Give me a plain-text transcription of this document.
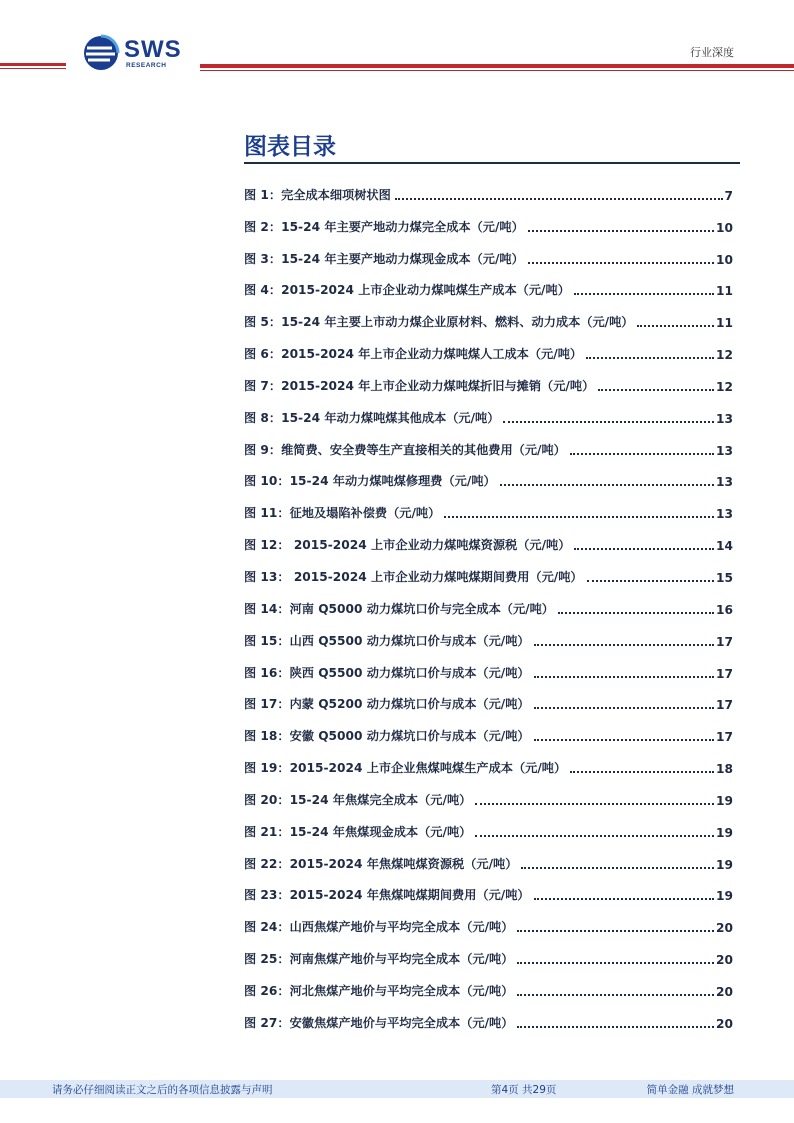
SWS
RESEARCH
行业深度
图表目录
图 1：完全成本细项树状图	7
图 2：15-24 年主要产地动力煤完全成本（元/吨）	10
图 3：15-24 年主要产地动力煤现金成本（元/吨）	10
图 4：2015-2024 上市企业动力煤吨煤生产成本（元/吨）	11
图 5：15-24 年主要上市动力煤企业原材料、燃料、动力成本（元/吨）	11
图 6：2015-2024 年上市企业动力煤吨煤人工成本（元/吨）	12
图 7：2015-2024 年上市企业动力煤吨煤折旧与摊销（元/吨）	12
图 8：15-24 年动力煤吨煤其他成本（元/吨）	13
图 9：维简费、安全费等生产直接相关的其他费用（元/吨）	13
图 10：15-24 年动力煤吨煤修理费（元/吨）	13
图 11：征地及塌陷补偿费（元/吨）	13
图 12： 2015-2024 上市企业动力煤吨煤资源税（元/吨）	14
图 13： 2015-2024 上市企业动力煤吨煤期间费用（元/吨）	15
图 14：河南 Q5000 动力煤坑口价与完全成本（元/吨）	16
图 15：山西 Q5500 动力煤坑口价与成本（元/吨）	17
图 16：陕西 Q5500 动力煤坑口价与成本（元/吨）	17
图 17：内蒙 Q5200 动力煤坑口价与成本（元/吨）	17
图 18：安徽 Q5000 动力煤坑口价与成本（元/吨）	17
图 19：2015-2024 上市企业焦煤吨煤生产成本（元/吨）	18
图 20：15-24 年焦煤完全成本（元/吨）	19
图 21：15-24 年焦煤现金成本（元/吨）	19
图 22：2015-2024 年焦煤吨煤资源税（元/吨）	19
图 23：2015-2024 年焦煤吨煤期间费用（元/吨）	19
图 24：山西焦煤产地价与平均完全成本（元/吨）	20
图 25：河南焦煤产地价与平均完全成本（元/吨）	20
图 26：河北焦煤产地价与平均完全成本（元/吨）	20
图 27：安徽焦煤产地价与平均完全成本（元/吨）	20
请务必仔细阅读正文之后的各项信息披露与声明	第4页 共29页	简单金融 成就梦想
